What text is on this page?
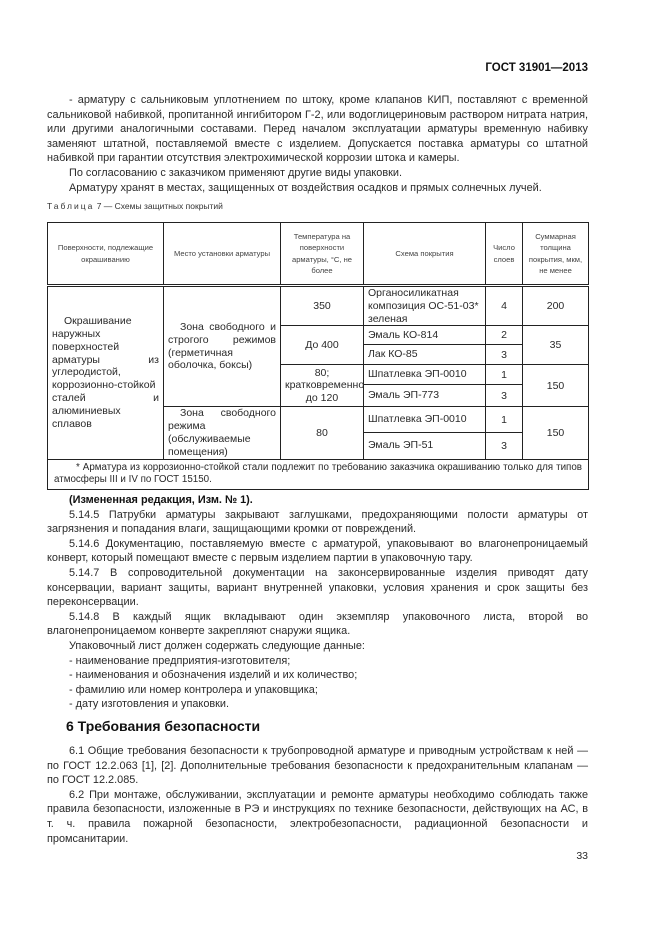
ГОСТ 31901—2013

- арматуру с сальниковым уплотнением по штоку, кроме клапанов КИП, поставляют с временной сальниковой набивкой, пропитанной ингибитором Г-2, или водоглицериновым раствором нитрата натрия, или другими аналогичными составами. Перед началом эксплуатации арматуры временную набивку заменяют штатной, поставляемой вместе с изделием. Допускается поставка арматуры со штатной набивкой при гарантии отсутствия электрохимической коррозии штока и камеры.

По согласованию с заказчиком применяют другие виды упаковки.

Арматуру хранят в местах, защищенных от воздействия осадков и прямых солнечных лучей.

Таблица 7 — Схемы защитных покрытий
Поверхности, подлежащие окрашиванию	Место установки арматуры	Температура на поверхности арматуры, °С, не более	Схема покрытия	Число слоев	Суммарная толщина покрытия, мкм, не менее
Окрашивание наружных поверхностей арматуры из углеродистой, коррозионно-стойкой сталей и алюминиевых сплавов	Зона свободного и строгого режимов (герметичная оболочка, боксы)	350	Органосиликатная композиция ОС-51-03* зеленая	4	200
		До 400	Эмаль КО-814	2	35
			Лак КО-85	3	
		80; кратковременно до 120	Шпатлевка ЭП-0010	1	150
			Эмаль ЭП-773	3	
	Зона свободного режима (обслуживаемые помещения)	80	Шпатлевка ЭП-0010	1	150
			Эмаль ЭП-51	3	
* Арматура из коррозионно-стойкой стали подлежит по требованию заказчика окрашиванию только для типов атмосферы III и IV по ГОСТ 15150.					

(Измененная редакция, Изм. № 1).

5.14.5 Патрубки арматуры закрывают заглушками, предохраняющими полости арматуры от загрязнения и попадания влаги, защищающими кромки от повреждений.

5.14.6 Документацию, поставляемую вместе с арматурой, упаковывают во влагонепроницаемый конверт, который помещают вместе с первым изделием партии в упаковочную тару.

5.14.7 В сопроводительной документации на законсервированные изделия приводят дату консервации, вариант защиты, вариант внутренней упаковки, условия хранения и срок защиты без переконсервации.

5.14.8 В каждый ящик вкладывают один экземпляр упаковочного листа, второй во влагонепроницаемом конверте закрепляют снаружи ящика.

Упаковочный лист должен содержать следующие данные:

- наименование предприятия-изготовителя;

- наименования и обозначения изделий и их количество;

- фамилию или номер контролера и упаковщика;

- дату изготовления и упаковки.

6 Требования безопасности

6.1 Общие требования безопасности к трубопроводной арматуре и приводным устройствам к ней — по ГОСТ 12.2.063 [1], [2]. Дополнительные требования безопасности к предохранительным клапанам — по ГОСТ 12.2.085.

6.2 При монтаже, обслуживании, эксплуатации и ремонте арматуры необходимо соблюдать также правила безопасности, изложенные в РЭ и инструкциях по технике безопасности, действующих на АС, в т. ч. правила пожарной безопасности, электробезопасности, радиационной безопасности и промсанитарии.

33
